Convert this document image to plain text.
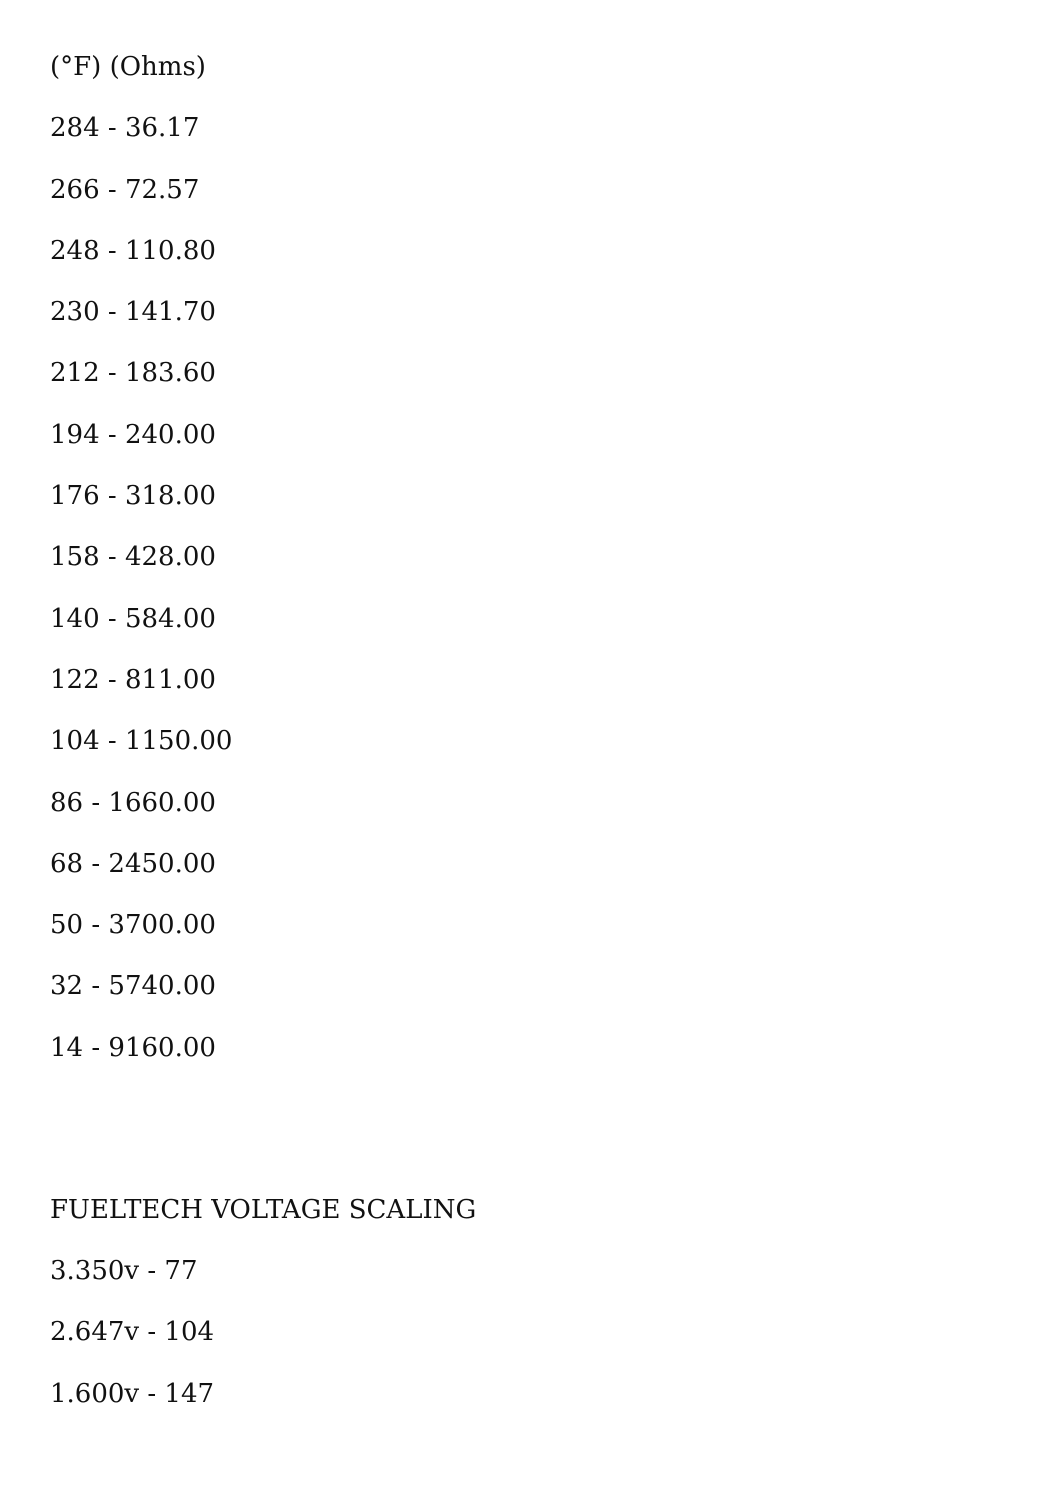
(°F) (Ohms)

284 - 36.17

266 - 72.57

248 - 110.80

230 - 141.70

212 - 183.60

194 - 240.00

176 - 318.00

158 - 428.00

140 - 584.00

122 - 811.00

104 - 1150.00

86 - 1660.00

68 - 2450.00

50 - 3700.00

32 - 5740.00

14 - 9160.00

FUELTECH VOLTAGE SCALING

3.350v - 77

2.647v - 104

1.600v - 147
